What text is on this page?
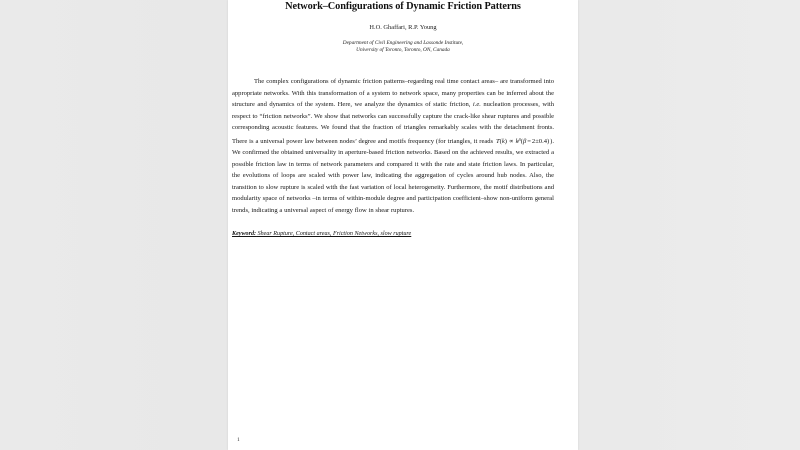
Network–Configurations of Dynamic Friction Patterns

H.O. Ghaffari, R.P. Young

Department of Civil Engineering and Lassonde Institute,
University of Toronto, Toronto, ON, Canada

The complex configurations of dynamic friction patterns–regarding real time contact areas– are transformed into appropriate networks. With this transformation of a system to network space, many properties can be inferred about the structure and dynamics of the system. Here, we analyze the dynamics of static friction, i.e. nucleation processes, with respect to “friction networks”. We show that networks can successfully capture the crack-like shear ruptures and possible corresponding acoustic features. We found that the fraction of triangles remarkably scales with the detachment fronts. There is a universal power law between nodes’ degree and motifs frequency (for triangles, it reads $T(k) \propto k^\beta(\beta=2\pm 0.4)$). We confirmed the obtained universality in aperture-based friction networks. Based on the achieved results, we extracted a possible friction law in terms of network parameters and compared it with the rate and state friction laws. In particular, the evolutions of loops are scaled with power law, indicating the aggregation of cycles around hub nodes. Also, the transition to slow rupture is scaled with the fast variation of local heterogeneity. Furthermore, the motif distributions and modularity space of networks –in terms of within-module degree and participation coefficient–show non-uniform general trends, indicating a universal aspect of energy flow in shear ruptures.

Keyword: Shear Rupture, Contact areas, Friction Networks, slow rupture

1
